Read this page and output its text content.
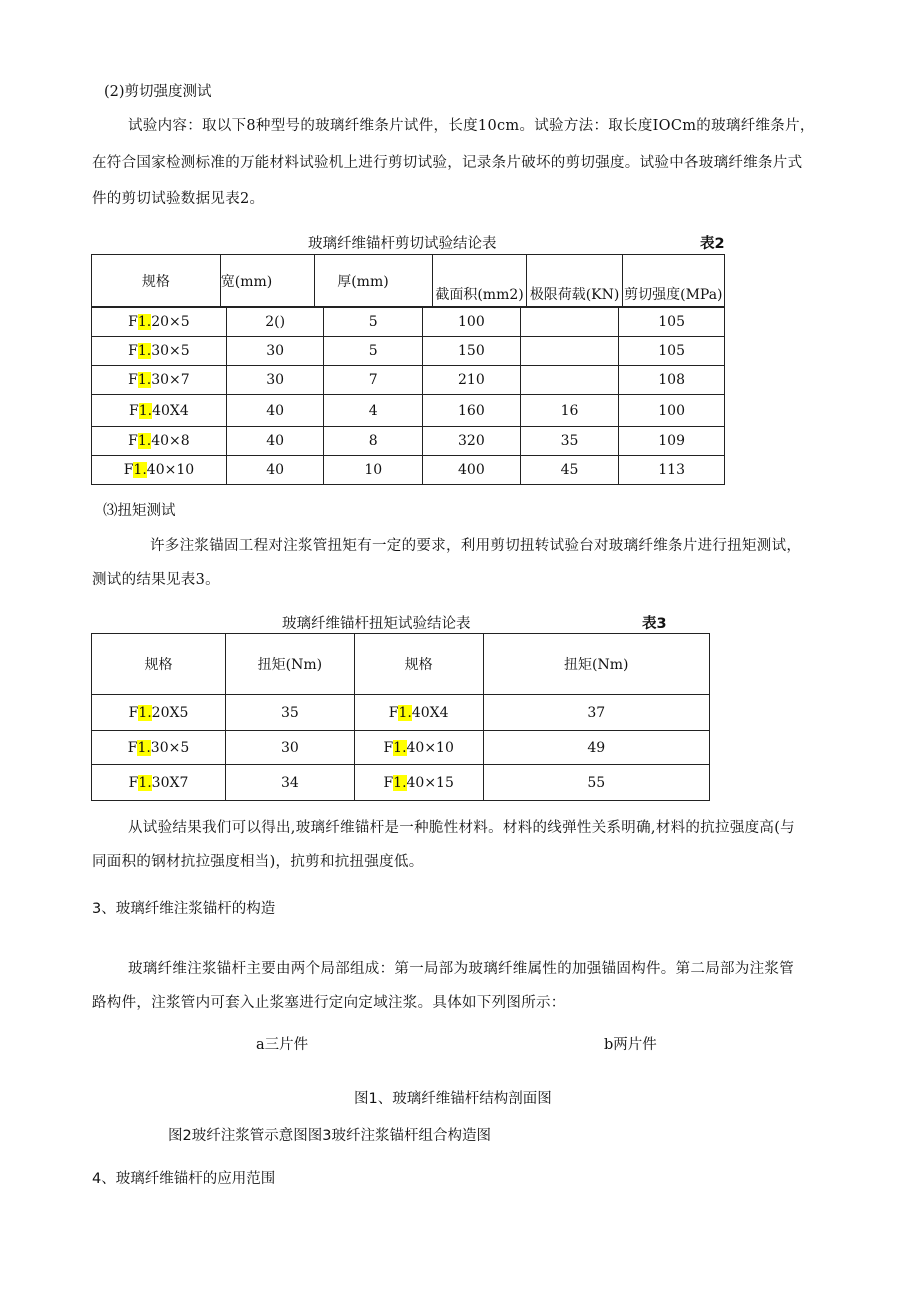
(2)剪切强度测试
试验内容：取以下8种型号的玻璃纤维条片试件，长度10cm。试验方法：取长度IOCm的玻璃纤维条片，
在符合国家检测标准的万能材料试验机上进行剪切试验，记录条片破坏的剪切强度。试验中各玻璃纤维条片式
件的剪切试验数据见表2。
玻璃纤维锚杆剪切试验结论表	表2
规格	宽(mm)	厚(mm)	截面积(mm2)	极限荷载(KN)	剪切强度(MPa)
F1.20×5	2()	5	100		105
F1.30×5	30	5	150		105
F1.30×7	30	7	210		108
F1.40X4	40	4	160	16	100
F1.40×8	40	8	320	35	109
F1.40×10	40	10	400	45	113
⑶扭矩测试
许多注浆锚固工程对注浆管扭矩有一定的要求，利用剪切扭转试验台对玻璃纤维条片进行扭矩测试，
测试的结果见表3。
玻璃纤维锚杆扭矩试验结论表	表3
规格	扭矩(Nm)	规格	扭矩(Nm)
F1.20X5	35	F1.40X4	37
F1.30×5	30	F1.40×10	49
F1.30X7	34	F1.40×15	55
从试验结果我们可以得出,玻璃纤维锚杆是一种脆性材料。材料的线弹性关系明确,材料的抗拉强度高(与
同面积的钢材抗拉强度相当)，抗剪和抗扭强度低。
3、玻璃纤维注浆锚杆的构造
玻璃纤维注浆锚杆主要由两个局部组成：第一局部为玻璃纤维属性的加强锚固构件。第二局部为注浆管
路构件，注浆管内可套入止浆塞进行定向定域注浆。具体如下列图所示：
a三片件	b两片件
图1、玻璃纤维锚杆结构剖面图
图2玻纤注浆管示意图图3玻纤注浆锚杆组合构造图
4、玻璃纤维锚杆的应用范围
